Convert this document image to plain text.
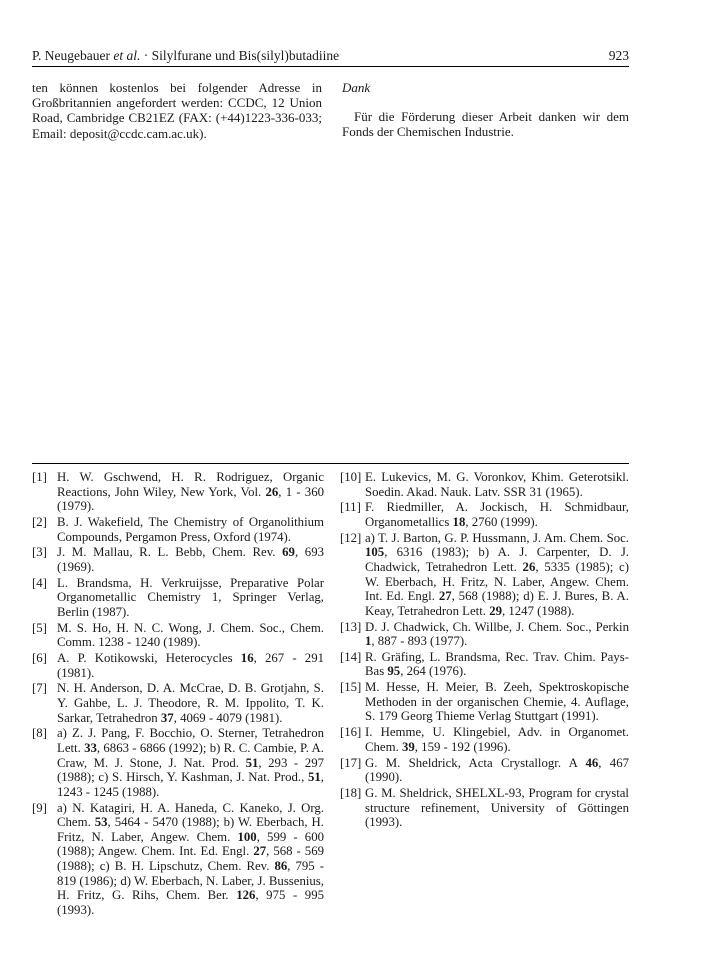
P. Neugebauer et al. · Silylfurane und Bis(silyl)butadiine	923
ten können kostenlos bei folgender Adresse in Großbritannien angefordert werden: CCDC, 12 Union Road, Cambridge CB21EZ (FAX: (+44)1223-336-033; Email: deposit@ccdc.cam.ac.uk).

Dank

Für die Förderung dieser Arbeit danken wir dem Fonds der Chemischen Industrie.

[1] H. W. Gschwend, H. R. Rodriguez, Organic Reactions, John Wiley, New York, Vol. 26, 1 - 360 (1979).
[2] B. J. Wakefield, The Chemistry of Organolithium Compounds, Pergamon Press, Oxford (1974).
[3] J. M. Mallau, R. L. Bebb, Chem. Rev. 69, 693 (1969).
[4] L. Brandsma, H. Verkruijsse, Preparative Polar Organometallic Chemistry 1, Springer Verlag, Berlin (1987).
[5] M. S. Ho, H. N. C. Wong, J. Chem. Soc., Chem. Comm. 1238 - 1240 (1989).
[6] A. P. Kotikowski, Heterocycles 16, 267 - 291 (1981).
[7] N. H. Anderson, D. A. McCrae, D. B. Grotjahn, S. Y. Gahbe, L. J. Theodore, R. M. Ippolito, T. K. Sarkar, Tetrahedron 37, 4069 - 4079 (1981).
[8] a) Z. J. Pang, F. Bocchio, O. Sterner, Tetrahedron Lett. 33, 6863 - 6866 (1992); b) R. C. Cambie, P. A. Craw, M. J. Stone, J. Nat. Prod. 51, 293 - 297 (1988); c) S. Hirsch, Y. Kashman, J. Nat. Prod., 51, 1243 - 1245 (1988).
[9] a) N. Katagiri, H. A. Haneda, C. Kaneko, J. Org. Chem. 53, 5464 - 5470 (1988); b) W. Eberbach, H. Fritz, N. Laber, Angew. Chem. 100, 599 - 600 (1988); Angew. Chem. Int. Ed. Engl. 27, 568 - 569 (1988); c) B. H. Lipschutz, Chem. Rev. 86, 795 - 819 (1986); d) W. Eberbach, N. Laber, J. Bussenius, H. Fritz, G. Rihs, Chem. Ber. 126, 975 - 995 (1993).
[10] E. Lukevics, M. G. Voronkov, Khim. Geterotsikl. Soedin. Akad. Nauk. Latv. SSR 31 (1965).
[11] F. Riedmiller, A. Jockisch, H. Schmidbaur, Organometallics 18, 2760 (1999).
[12] a) T. J. Barton, G. P. Hussmann, J. Am. Chem. Soc. 105, 6316 (1983); b) A. J. Carpenter, D. J. Chadwick, Tetrahedron Lett. 26, 5335 (1985); c) W. Eberbach, H. Fritz, N. Laber, Angew. Chem. Int. Ed. Engl. 27, 568 (1988); d) E. J. Bures, B. A. Keay, Tetrahedron Lett. 29, 1247 (1988).
[13] D. J. Chadwick, Ch. Willbe, J. Chem. Soc., Perkin 1, 887 - 893 (1977).
[14] R. Gräfing, L. Brandsma, Rec. Trav. Chim. Pays-Bas 95, 264 (1976).
[15] M. Hesse, H. Meier, B. Zeeh, Spektroskopische Methoden in der organischen Chemie, 4. Auflage, S. 179 Georg Thieme Verlag Stuttgart (1991).
[16] I. Hemme, U. Klingebiel, Adv. in Organomet. Chem. 39, 159 - 192 (1996).
[17] G. M. Sheldrick, Acta Crystallogr. A 46, 467 (1990).
[18] G. M. Sheldrick, SHELXL-93, Program for crystal structure refinement, University of Göttingen (1993).
